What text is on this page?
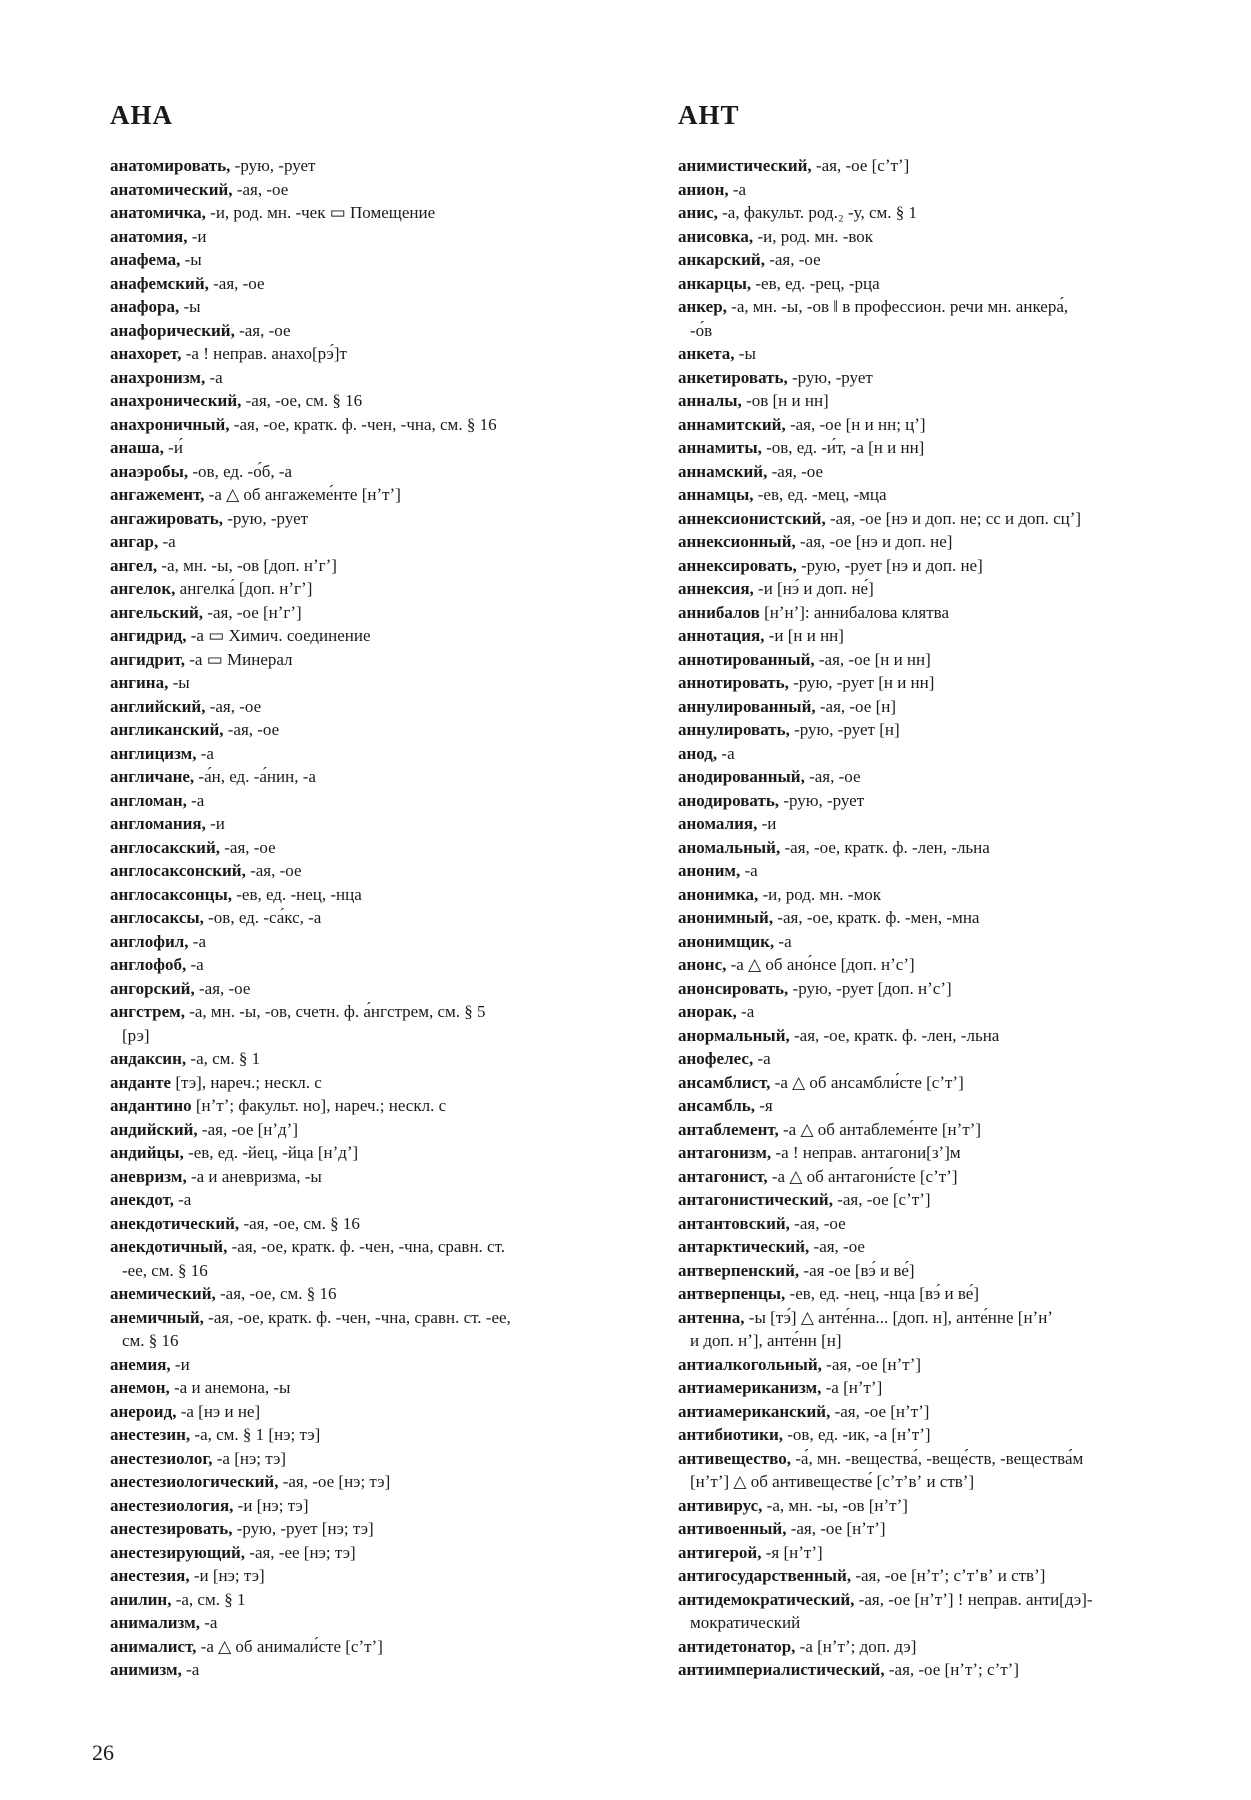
АНА	АНТ
анатомировать, -рую, -рует
анатомический, -ая, -ое
анатомичка, -и, род. мн. -чек ▭ Помещение
анатомия, -и
анафема, -ы
анафемский, -ая, -ое
анафора, -ы
анафорический, -ая, -ое
анахорет, -а ! неправ. анахо[рэ́]т
анахронизм, -а
анахронический, -ая, -ое, см. § 16
анахроничный, -ая, -ое, кратк. ф. -чен, -чна, см. § 16
анаша, -и́
анаэробы, -ов, ед. -о́б, -а
ангажемент, -а △ об ангажеме́нте [нʼтʼ]
ангажировать, -рую, -рует
ангар, -а
ангел, -а, мн. -ы, -ов [доп. нʼгʼ]
ангелок, ангелка́ [доп. нʼгʼ]
ангельский, -ая, -ое [нʼгʼ]
ангидрид, -а ▭ Химич. соединение
ангидрит, -а ▭ Минерал
ангина, -ы
английский, -ая, -ое
англиканский, -ая, -ое
англицизм, -а
англичане, -а́н, ед. -а́нин, -а
англоман, -а
англомания, -и
англосакский, -ая, -ое
англосаксонский, -ая, -ое
англосаксонцы, -ев, ед. -нец, -нца
англосаксы, -ов, ед. -са́кс, -а
англофил, -а
англофоб, -а
ангорский, -ая, -ое
ангстрем, -а, мн. -ы, -ов, счетн. ф. а́нгстрем, см. § 5
[рэ]
андаксин, -а, см. § 1
анданте [тэ], нареч.; нескл. с
андантино [нʼтʼ; факульт. но], нареч.; нескл. с
андийский, -ая, -ое [нʼдʼ]
андийцы, -ев, ед. -йец, -йца [нʼдʼ]
аневризм, -а и аневризма, -ы
анекдот, -а
анекдотический, -ая, -ое, см. § 16
анекдотичный, -ая, -ое, кратк. ф. -чен, -чна, сравн. ст.
-ее, см. § 16
анемический, -ая, -ое, см. § 16
анемичный, -ая, -ое, кратк. ф. -чен, -чна, сравн. ст. -ее,
см. § 16
анемия, -и
анемон, -а и анемона, -ы
анероид, -а [нэ и не]
анестезин, -а, см. § 1 [нэ; тэ]
анестезиолог, -а [нэ; тэ]
анестезиологический, -ая, -ое [нэ; тэ]
анестезиология, -и [нэ; тэ]
анестезировать, -рую, -рует [нэ; тэ]
анестезирующий, -ая, -ее [нэ; тэ]
анестезия, -и [нэ; тэ]
анилин, -а, см. § 1
анимализм, -а
анималист, -а △ об анимали́сте [сʼтʼ]
анимизм, -а
анимистический, -ая, -ое [сʼтʼ]
анион, -а
анис, -а, факульт. род.₂ -у, см. § 1
анисовка, -и, род. мн. -вок
анкарский, -ая, -ое
анкарцы, -ев, ед. -рец, -рца
анкер, -а, мн. -ы, -ов ‖ в профессион. речи мн. анкера́,
-о́в
анкета, -ы
анкетировать, -рую, -рует
анналы, -ов [н и нн]
аннамитский, -ая, -ое [н и нн; цʼ]
аннамиты, -ов, ед. -и́т, -а [н и нн]
аннамский, -ая, -ое
аннамцы, -ев, ед. -мец, -мца
аннексионистский, -ая, -ое [нэ и доп. не; сс и доп. сцʼ]
аннексионный, -ая, -ое [нэ и доп. не]
аннексировать, -рую, -рует [нэ и доп. не]
аннексия, -и [нэ́ и доп. не́]
аннибалов [нʼнʼ]: аннибалова клятва
аннотация, -и [н и нн]
аннотированный, -ая, -ое [н и нн]
аннотировать, -рую, -рует [н и нн]
аннулированный, -ая, -ое [н]
аннулировать, -рую, -рует [н]
анод, -а
анодированный, -ая, -ое
анодировать, -рую, -рует
аномалия, -и
аномальный, -ая, -ое, кратк. ф. -лен, -льна
аноним, -а
анонимка, -и, род. мн. -мок
анонимный, -ая, -ое, кратк. ф. -мен, -мна
анонимщик, -а
анонс, -а △ об ано́нсе [доп. нʼсʼ]
анонсировать, -рую, -рует [доп. нʼсʼ]
анорак, -а
анормальный, -ая, -ое, кратк. ф. -лен, -льна
анофелес, -а
ансамблист, -а △ об ансамбли́сте [сʼтʼ]
ансамбль, -я
антаблемент, -а △ об антаблеме́нте [нʼтʼ]
антагонизм, -а ! неправ. антагони[зʼ]м
антагонист, -а △ об антагони́сте [сʼтʼ]
антагонистический, -ая, -ое [сʼтʼ]
антантовский, -ая, -ое
антарктический, -ая, -ое
антверпенский, -ая -ое [вэ́ и ве́]
антверпенцы, -ев, ед. -нец, -нца [вэ́ и ве́]
антенна, -ы [тэ́] △ анте́нна... [доп. н], анте́нне [нʼнʼ
и доп. нʼ], анте́нн [н]
антиалкогольный, -ая, -ое [нʼтʼ]
антиамериканизм, -а [нʼтʼ]
антиамериканский, -ая, -ое [нʼтʼ]
антибиотики, -ов, ед. -ик, -а [нʼтʼ]
антивещество, -а́, мн. -вещества́, -веще́ств, -вещества́м
[нʼтʼ] △ об антивеществе́ [сʼтʼвʼ и ствʼ]
антивирус, -а, мн. -ы, -ов [нʼтʼ]
антивоенный, -ая, -ое [нʼтʼ]
антигерой, -я [нʼтʼ]
антигосударственный, -ая, -ое [нʼтʼ; сʼтʼвʼ и ствʼ]
антидемократический, -ая, -ое [нʼтʼ] ! неправ. анти[дэ]-
мократический
антидетонатор, -а [нʼтʼ; доп. дэ]
антиимпериалистический, -ая, -ое [нʼтʼ; сʼтʼ]
26
